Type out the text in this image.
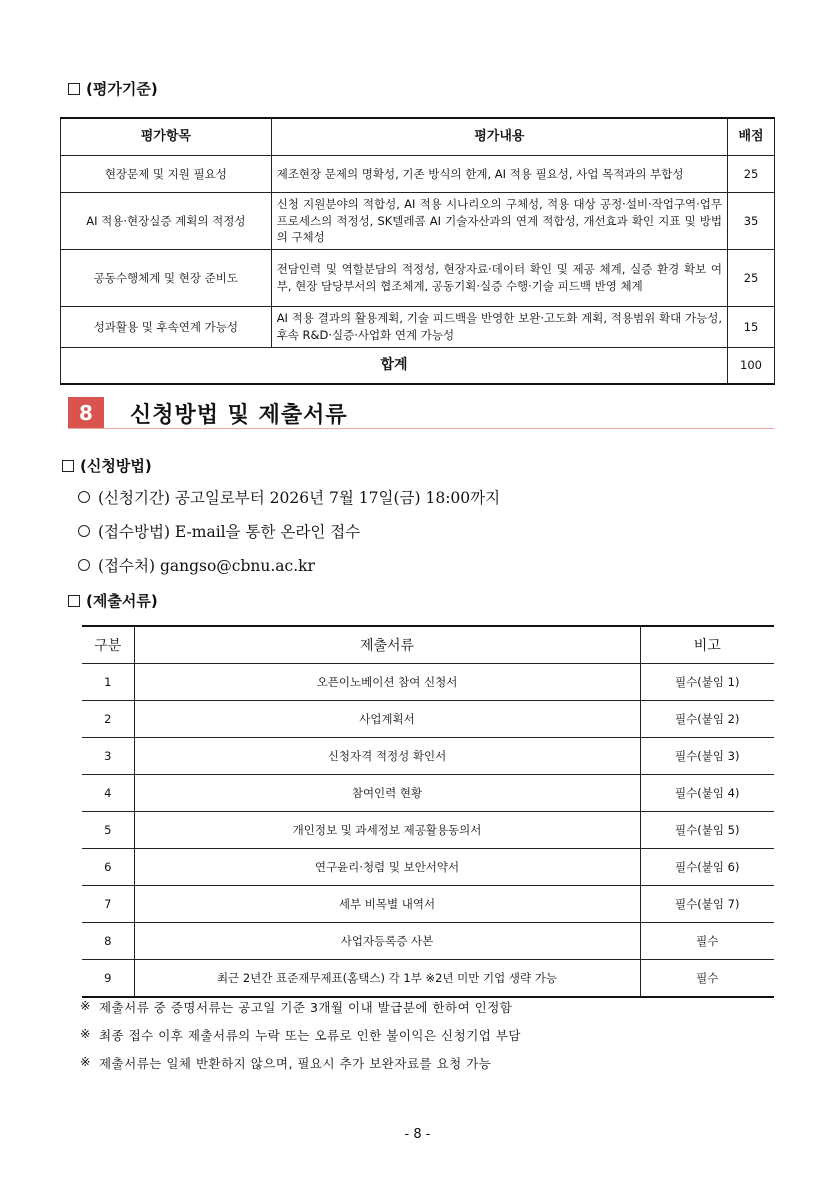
(평가기준)
평가항목	평가내용	배점
현장문제 및 지원 필요성	제조현장 문제의 명확성, 기존 방식의 한계, AI 적용 필요성, 사업 목적과의 부합성	25
AI 적용·현장실증 계획의 적정성	신청 지원분야의 적합성, AI 적용 시나리오의 구체성, 적용 대상 공정·설비·작업구역·업무 프로세스의 적정성, SK텔레콤 AI 기술자산과의 연계 적합성, 개선효과 확인 지표 및 방법의 구체성	35
공동수행체계 및 현장 준비도	전담인력 및 역할분담의 적정성, 현장자료·데이터 확인 및 제공 체계, 실증 환경 확보 여부, 현장 담당부서의 협조체계, 공동기획·실증 수행·기술 피드백 반영 체계	25
성과활용 및 후속연계 가능성	AI 적용 결과의 활용계획, 기술 피드백을 반영한 보완·고도화 계획, 적용범위 확대 가능성, 후속 R&D·실증·사업화 연계 가능성	15
합계		100
8	신청방법 및 제출서류
(신청방법)
(신청기간) 공고일로부터 2026년 7월 17일(금) 18:00까지
(접수방법) E-mail을 통한 온라인 접수
(접수처) gangso@cbnu.ac.kr
(제출서류)
구분	제출서류	비고
1	오픈이노베이션 참여 신청서	필수(붙임 1)
2	사업계획서	필수(붙임 2)
3	신청자격 적정성 확인서	필수(붙임 3)
4	참여인력 현황	필수(붙임 4)
5	개인정보 및 과세정보 제공활용동의서	필수(붙임 5)
6	연구윤리·청렴 및 보안서약서	필수(붙임 6)
7	세부 비목별 내역서	필수(붙임 7)
8	사업자등록증 사본	필수
9	최근 2년간 표준재무제표(홈택스) 각 1부 ※2년 미만 기업 생략 가능	필수
※ 제출서류 중 증명서류는 공고일 기준 3개월 이내 발급분에 한하여 인정함
※ 최종 접수 이후 제출서류의 누락 또는 오류로 인한 불이익은 신청기업 부담
※ 제출서류는 일체 반환하지 않으며, 필요시 추가 보완자료를 요청 가능
- 8 -
